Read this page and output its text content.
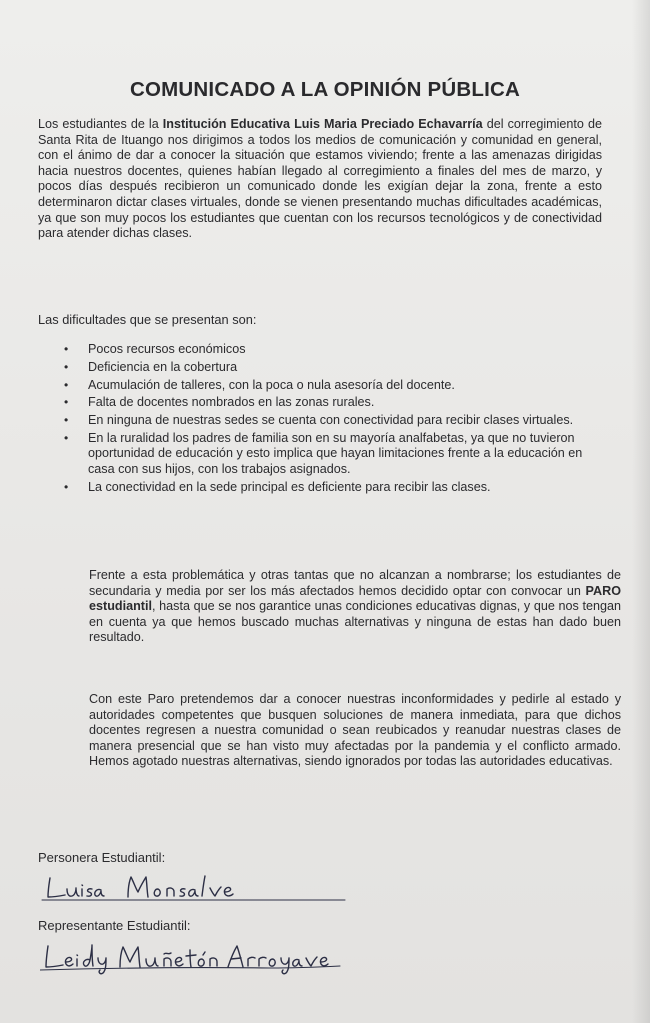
COMUNICADO A LA OPINIÓN PÚBLICA

Los estudiantes de la Institución Educativa Luis Maria Preciado Echavarría del corregimiento de Santa Rita de Ituango nos dirigimos a todos los medios de comunicación y comunidad en general, con el ánimo de dar a conocer la situación que estamos viviendo; frente a las amenazas dirigidas hacia nuestros docentes, quienes habían llegado al corregimiento a finales del mes de marzo, y pocos días después recibieron un comunicado donde les exigían dejar la zona, frente a esto determinaron dictar clases virtuales, donde se vienen presentando muchas dificultades académicas, ya que son muy pocos los estudiantes que cuentan con los recursos tecnológicos y de conectividad para atender dichas clases.

Las dificultades que se presentan son:

• Pocos recursos económicos
• Deficiencia en la cobertura
• Acumulación de talleres, con la poca o nula asesoría del docente.
• Falta de docentes nombrados en las zonas rurales.
• En ninguna de nuestras sedes se cuenta con conectividad para recibir clases virtuales.
• En la ruralidad los padres de familia son en su mayoría analfabetas, ya que no tuvieron oportunidad de educación y esto implica que hayan limitaciones frente a la educación en casa con sus hijos, con los trabajos asignados.
• La conectividad en la sede principal es deficiente para recibir las clases.

Frente a esta problemática y otras tantas que no alcanzan a nombrarse; los estudiantes de secundaria y media por ser los más afectados hemos decidido optar con convocar un PARO estudiantil, hasta que se nos garantice unas condiciones educativas dignas, y que nos tengan en cuenta ya que hemos buscado muchas alternativas y ninguna de estas han dado buen resultado.

Con este Paro pretendemos dar a conocer nuestras inconformidades y pedirle al estado y autoridades competentes que busquen soluciones de manera inmediata, para que dichos docentes regresen a nuestra comunidad o sean reubicados y reanudar nuestras clases de manera presencial que se han visto muy afectadas por la pandemia y el conflicto armado. Hemos agotado nuestras alternativas, siendo ignorados por todas las autoridades educativas.

Personera Estudiantil:

Representante Estudiantil:
